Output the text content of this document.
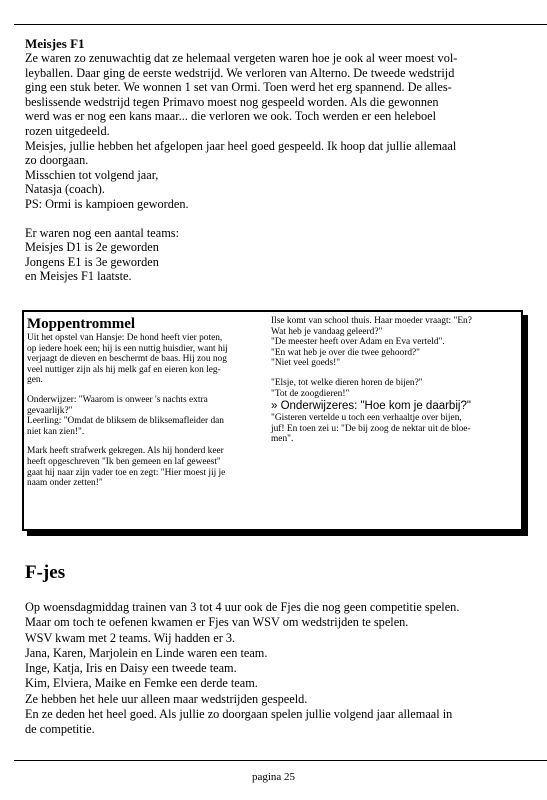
Meisjes F1

Ze waren zo zenuwachtig dat ze helemaal vergeten waren hoe je ook al weer moest vol-
leyballen. Daar ging de eerste wedstrijd. We verloren van Alterno. De tweede wedstrijd
ging een stuk beter. We wonnen 1 set van Ormi. Toen werd het erg spannend. De alles-
beslissende wedstrijd tegen Primavo moest nog gespeeld worden. Als die gewonnen
werd was er nog een kans maar... die verloren we ook. Toch werden er een heleboel
rozen uitgedeeld.

Meisjes, jullie hebben het afgelopen jaar heel goed gespeeld. Ik hoop dat jullie allemaal
zo doorgaan.
Misschien tot volgend jaar,
Natasja (coach).
PS: Ormi is kampioen geworden.

Er waren nog een aantal teams:
Meisjes D1 is 2e geworden
Jongens E1 is 3e geworden
en Meisjes F1 laatste.

Moppentrommel

Uit het opstel van Hansje: De hond heeft vier poten,
op iedere hoek een; hij is een nuttig huisdier, want hij
verjaagt de dieven en beschermt de baas. Hij zou nog
veel nuttiger zijn als hij melk gaf en eieren kon leg-
gen.

Onderwijzer: "Waarom is onweer 's nachts extra
gevaarlijk?"
Leerling: "Omdat de bliksem de bliksemafleider dan
niet kan zien!".

Mark heeft strafwerk gekregen. Als hij honderd keer
heeft opgeschreven "Ik ben gemeen en laf geweest"
gaat hij naar zijn vader toe en zegt: "Hier moest jij je
naam onder zetten!"

Ilse komt van school thuis. Haar moeder vraagt: "En?
Wat heb je vandaag geleerd?"
"De meester heeft over Adam en Eva verteld".
"En wat heb je over die twee gehoord?"
"Niet veel goeds!"

"Elsje, tot welke dieren horen de bijen?"
"Tot de zoogdieren!"

» Onderwijzeres: "Hoe kom je daarbij?"
"Gisteren vertelde u toch een verhaaltje over bijen,
juf! En toen zei u: "De bij zoog de nektar uit de bloe-
men".

F-jes
Op woensdagmiddag trainen van 3 tot 4 uur ook de Fjes die nog geen competitie spelen.
Maar om toch te oefenen kwamen er Fjes van WSV om wedstrijden te spelen.
WSV kwam met 2 teams. Wij hadden er 3.
Jana, Karen, Marjolein en Linde waren een team.
Inge, Katja, Iris en Daisy een tweede team.
Kim, Elviera, Maike en Femke een derde team.
Ze hebben het hele uur alleen maar wedstrijden gespeeld.
En ze deden het heel goed. Als jullie zo doorgaan spelen jullie volgend jaar allemaal in
de competitie.
pagina 25
